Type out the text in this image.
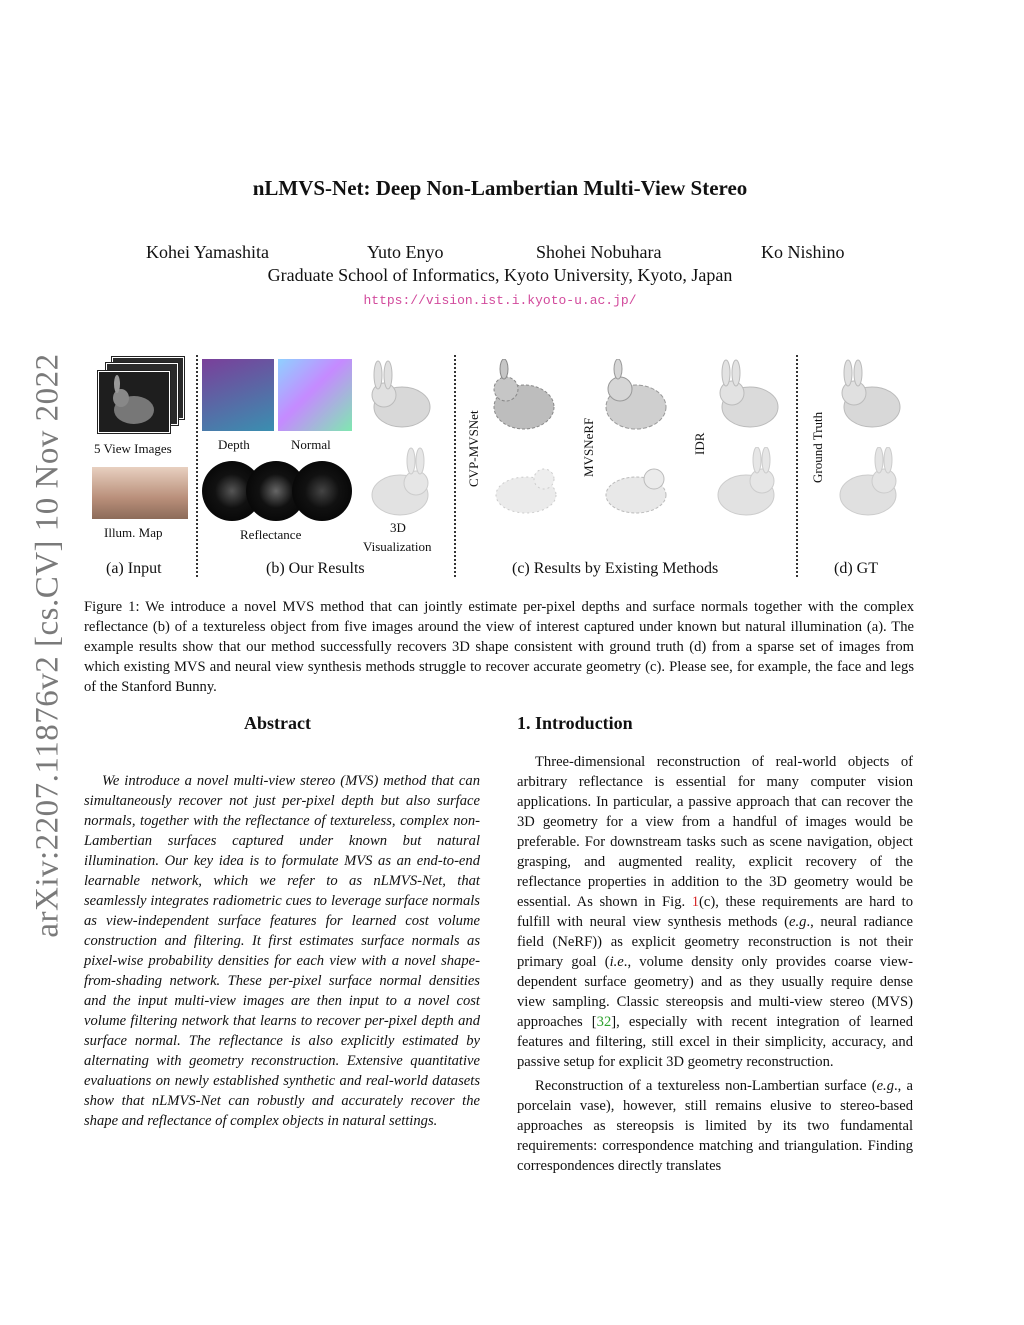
arXiv:2207.11876v2 [cs.CV] 10 Nov 2022
nLMVS-Net: Deep Non-Lambertian Multi-View Stereo
Kohei Yamashita	Yuto Enyo	Shohei Nobuhara	Ko Nishino
Graduate School of Informatics, Kyoto University, Kyoto, Japan
https://vision.ist.i.kyoto-u.ac.jp/
5 View Images
Illum. Map
(a) Input
Depth	Normal
Reflectance	3D
Visualization
(b) Our Results
CVP-MVSNet	MVSNeRF	IDR
(c) Results by Existing Methods
Ground Truth
(d) GT
Figure 1: We introduce a novel MVS method that can jointly estimate per-pixel depths and surface normals together with the complex reflectance (b) of a textureless object from five images around the view of interest captured under known but natural illumination (a). The example results show that our method successfully recovers 3D shape consistent with ground truth (d) from a sparse set of images from which existing MVS and neural view synthesis methods struggle to recover accurate geometry (c). Please see, for example, the face and legs of the Stanford Bunny.
Abstract
We introduce a novel multi-view stereo (MVS) method that can simultaneously recover not just per-pixel depth but also surface normals, together with the reflectance of textureless, complex non-Lambertian surfaces captured under known but natural illumination. Our key idea is to formulate MVS as an end-to-end learnable network, which we refer to as nLMVS-Net, that seamlessly integrates radiometric cues to leverage surface normals as view-independent surface features for learned cost volume construction and filtering. It first estimates surface normals as pixel-wise probability densities for each view with a novel shape-from-shading network. These per-pixel surface normal densities and the input multi-view images are then input to a novel cost volume filtering network that learns to recover per-pixel depth and surface normal. The reflectance is also explicitly estimated by alternating with geometry reconstruction. Extensive quantitative evaluations on newly established synthetic and real-world datasets show that nLMVS-Net can robustly and accurately recover the shape and reflectance of complex objects in natural settings.
1. Introduction

Three-dimensional reconstruction of real-world objects of arbitrary reflectance is essential for many computer vision applications. In particular, a passive approach that can recover the 3D geometry for a view from a handful of images would be preferable. For downstream tasks such as scene navigation, object grasping, and augmented reality, explicit recovery of the reflectance properties in addition to the 3D geometry would be essential. As shown in Fig. 1(c), these requirements are hard to fulfill with neural view synthesis methods (e.g., neural radiance field (NeRF)) as explicit geometry reconstruction is not their primary goal (i.e., volume density only provides coarse view-dependent surface geometry) and as they usually require dense view sampling. Classic stereopsis and multi-view stereo (MVS) approaches [32], especially with recent integration of learned features and filtering, still excel in their simplicity, accuracy, and passive setup for explicit 3D geometry reconstruction.

Reconstruction of a textureless non-Lambertian surface (e.g., a porcelain vase), however, still remains elusive to stereo-based approaches as stereopsis is limited by its two fundamental requirements: correspondence matching and triangulation. Finding correspondences directly translates
